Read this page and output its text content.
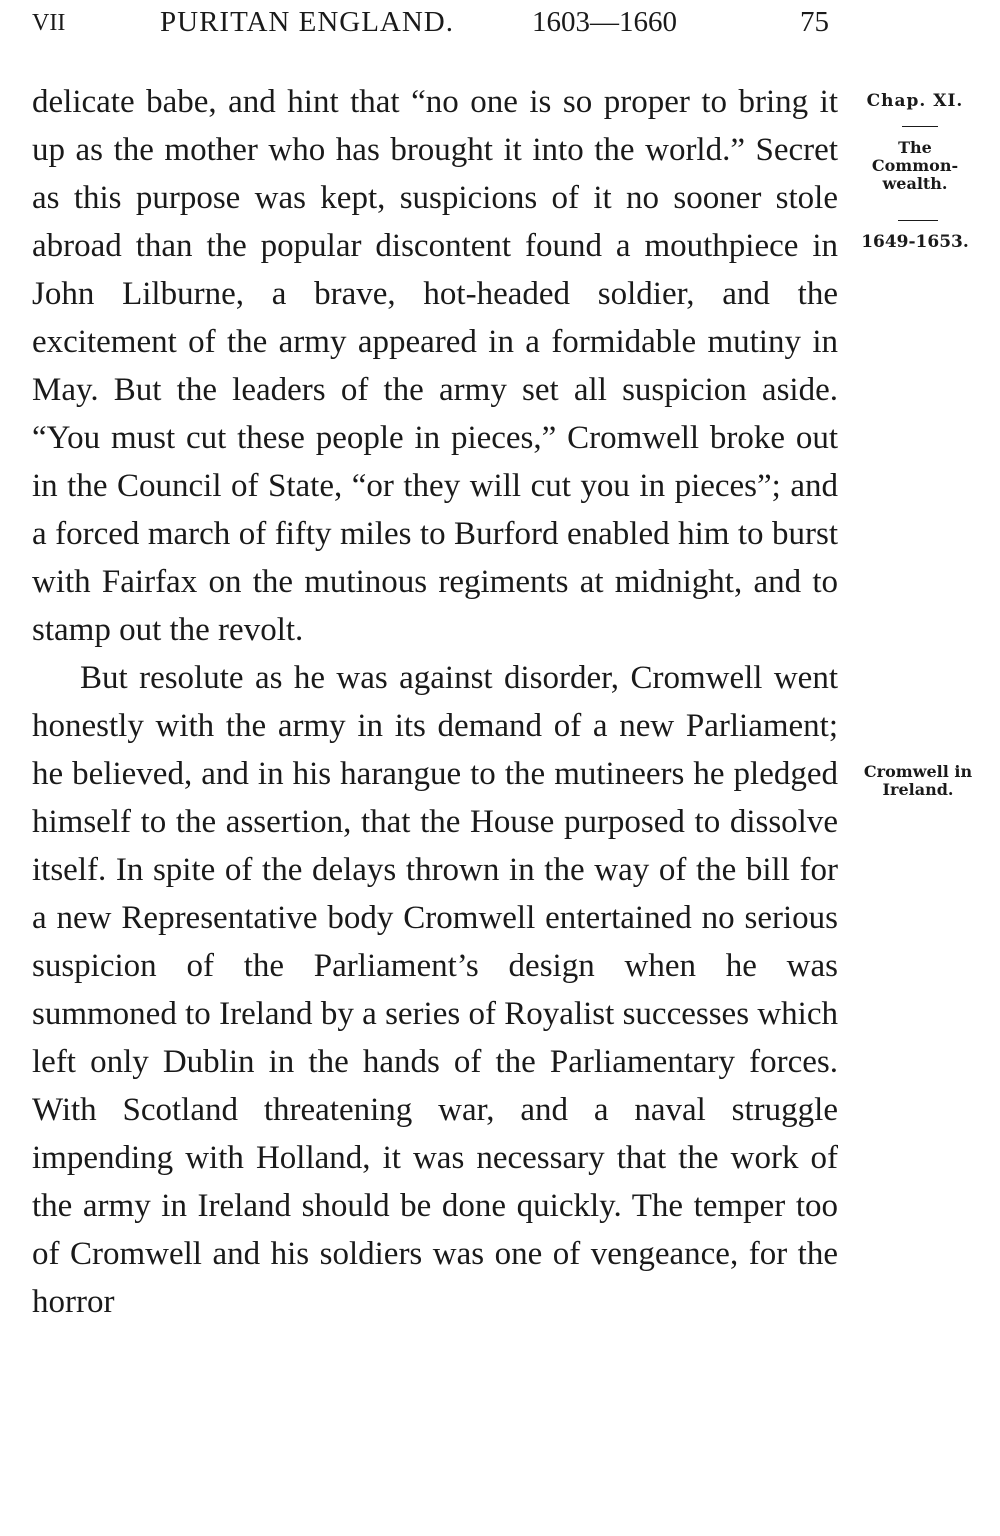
VII	PURITAN ENGLAND.	1603—1660	75

delicate babe, and hint that “no one is so proper to bring it up as the mother who has brought it into the world.” Secret as this purpose was kept, suspicions of it no sooner stole abroad than the popular discontent found a mouthpiece in John Lilburne, a brave, hot-headed soldier, and the excitement of the army appeared in a formidable mutiny in May. But the leaders of the army set all suspicion aside. “You must cut these people in pieces,” Cromwell broke out in the Council of State, “or they will cut you in pieces”; and a forced march of fifty miles to Burford enabled him to burst with Fairfax on the mutinous regiments at midnight, and to stamp out the revolt.

But resolute as he was against disorder, Cromwell went honestly with the army in its demand of a new Parliament; he believed, and in his harangue to the mutineers he pledged himself to the assertion, that the House purposed to dissolve itself. In spite of the delays thrown in the way of the bill for a new Representative body Cromwell entertained no serious suspicion of the Parliament’s design when he was summoned to Ireland by a series of Royalist successes which left only Dublin in the hands of the Parliamentary forces. With Scotland threatening war, and a naval struggle impending with Holland, it was necessary that the work of the army in Ireland should be done quickly. The temper too of Cromwell and his soldiers was one of vengeance, for the horror

Chap. XI.
The
Common-
wealth.
1649-1653.
Cromwell in
Ireland.
